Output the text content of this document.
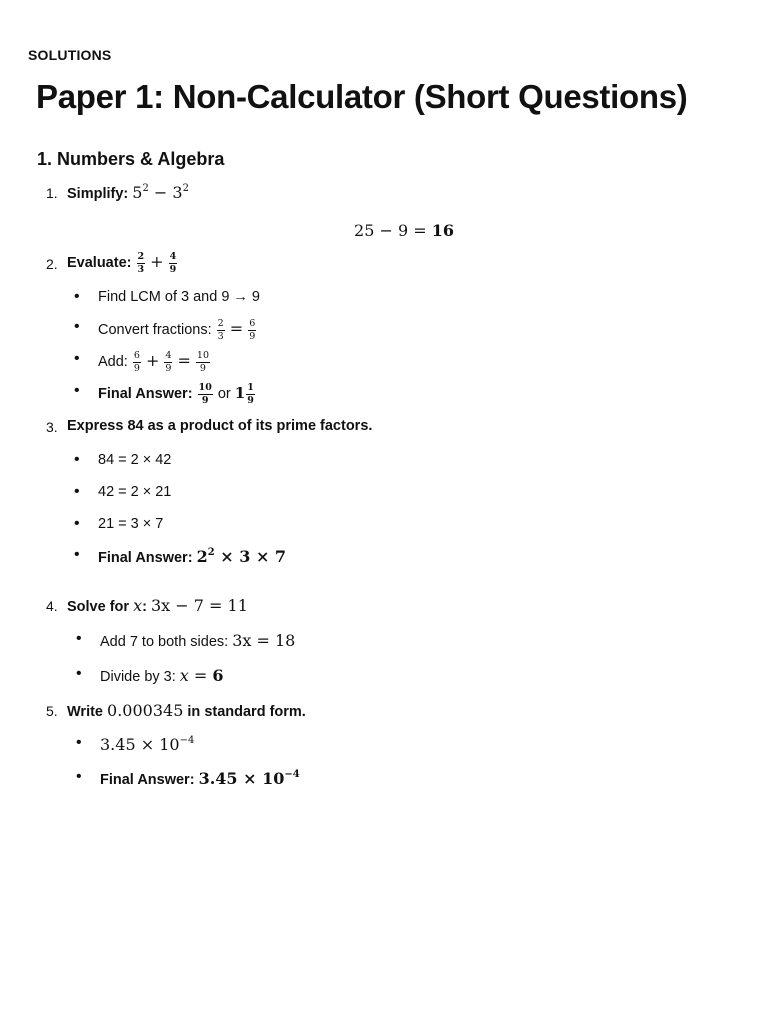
SOLUTIONS
Paper 1: Non-Calculator (Short Questions)
1. Numbers & Algebra
1. Simplify: $5^2 - 3^2$
25 − 9 = 16
2. Evaluate: $\frac{2}{3} + \frac{4}{9}$
• Find LCM of 3 and 9 → 9
• Convert fractions: $\frac{2}{3} = \frac{6}{9}$
• Add: $\frac{6}{9} + \frac{4}{9} = \frac{10}{9}$
• Final Answer: $\frac{10}{9}$ or $1 \frac{1}{9}$
3. Express 84 as a product of its prime factors.
• 84 = 2 × 42
• 42 = 2 × 21
• 21 = 3 × 7
• Final Answer: $2^2 \times 3 \times 7$
4. Solve for x: 3x − 7 = 11
• Add 7 to both sides: 3x = 18
• Divide by 3: x = 6
5. Write 0.000345 in standard form.
• $3.45 \times 10^{-4}$
• Final Answer: $3.45 \times 10^{-4}$
